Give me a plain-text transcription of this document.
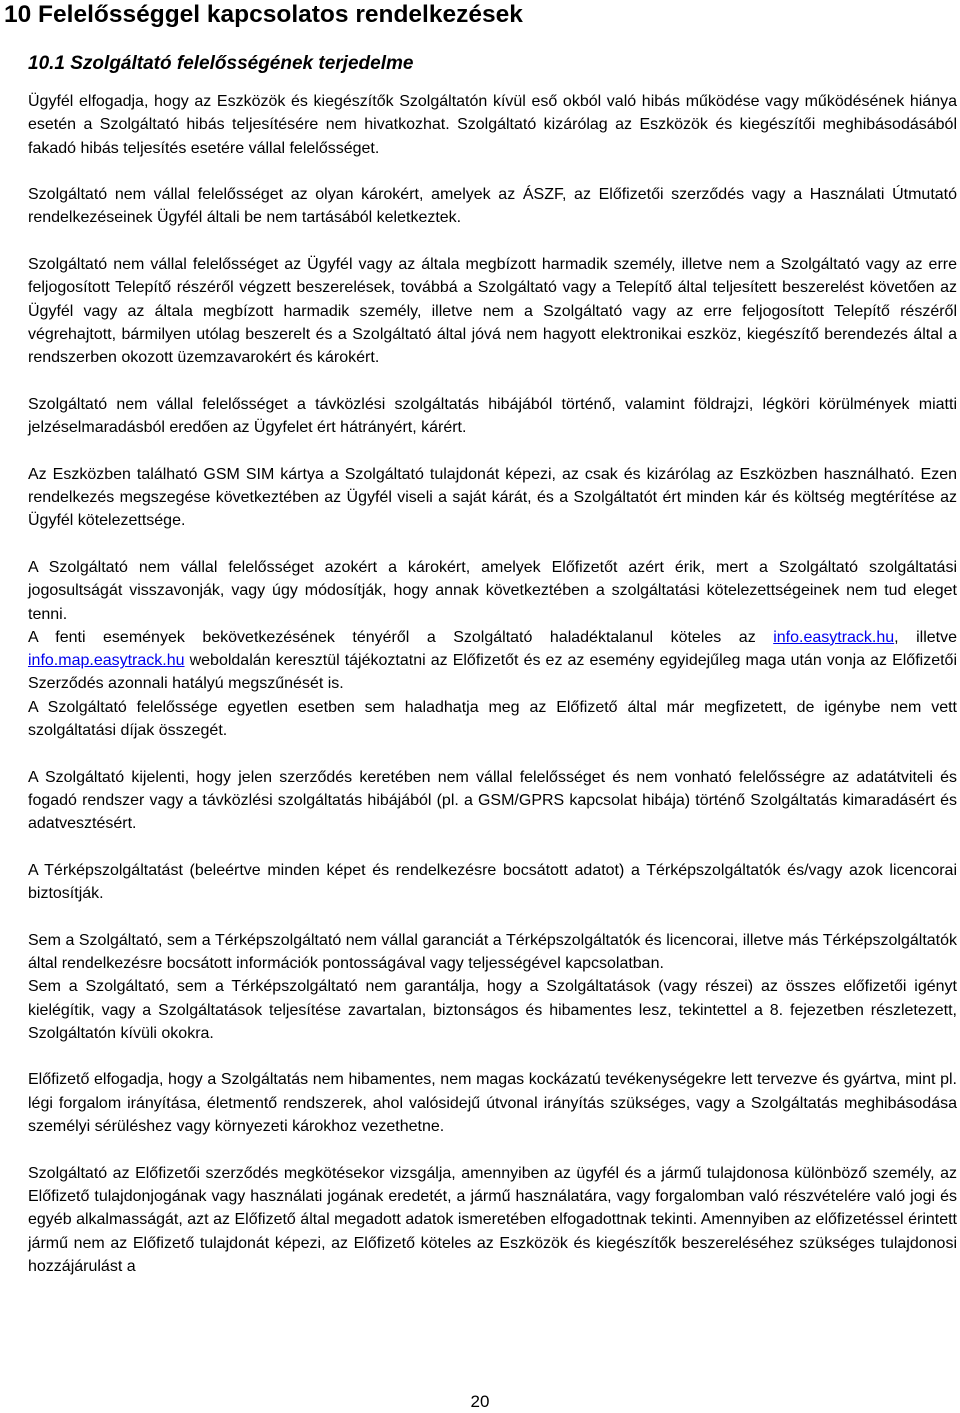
10 Felelősséggel kapcsolatos rendelkezések
10.1 Szolgáltató felelősségének terjedelme

Ügyfél elfogadja, hogy az Eszközök és kiegészítők Szolgáltatón kívül eső okból való hibás működése vagy működésének hiánya esetén a Szolgáltató hibás teljesítésére nem hivatkozhat. Szolgáltató kizárólag az Eszközök és kiegészítői meghibásodásából fakadó hibás teljesítés esetére vállal felelősséget.

Szolgáltató nem vállal felelősséget az olyan károkért, amelyek az ÁSZF, az Előfizetői szerződés vagy a Használati Útmutató rendelkezéseinek Ügyfél általi be nem tartásából keletkeztek.

Szolgáltató nem vállal felelősséget az Ügyfél vagy az általa megbízott harmadik személy, illetve nem a Szolgáltató vagy az erre feljogosított Telepítő részéről végzett beszerelések, továbbá a Szolgáltató vagy a Telepítő által teljesített beszerelést követően az Ügyfél vagy az általa megbízott harmadik személy, illetve nem a Szolgáltató vagy az erre feljogosított Telepítő részéről végrehajtott, bármilyen utólag beszerelt és a Szolgáltató által jóvá nem hagyott elektronikai eszköz, kiegészítő berendezés által a rendszerben okozott üzemzavarokért és károkért.

Szolgáltató nem vállal felelősséget a távközlési szolgáltatás hibájából történő, valamint földrajzi, légköri körülmények miatti jelzéselmaradásból eredően az Ügyfelet ért hátrányért, kárért.

Az Eszközben található GSM SIM kártya a Szolgáltató tulajdonát képezi, az csak és kizárólag az Eszközben használható. Ezen rendelkezés megszegése következtében az Ügyfél viseli a saját kárát, és a Szolgáltatót ért minden kár és költség megtérítése az Ügyfél kötelezettsége.

A Szolgáltató nem vállal felelősséget azokért a károkért, amelyek Előfizetőt azért érik, mert a Szolgáltató szolgáltatási jogosultságát visszavonják, vagy úgy módosítják, hogy annak következtében a szolgáltatási kötelezettségeinek nem tud eleget tenni.

A fenti események bekövetkezésének tényéről a Szolgáltató haladéktalanul köteles az info.easytrack.hu, illetve info.map.easytrack.hu weboldalán keresztül tájékoztatni az Előfizetőt és ez az esemény egyidejűleg maga után vonja az Előfizetői Szerződés azonnali hatályú megszűnését is.

A Szolgáltató felelőssége egyetlen esetben sem haladhatja meg az Előfizető által már megfizetett, de igénybe nem vett szolgáltatási díjak összegét.

A Szolgáltató kijelenti, hogy jelen szerződés keretében nem vállal felelősséget és nem vonható felelősségre az adatátviteli és fogadó rendszer vagy a távközlési szolgáltatás hibájából (pl. a GSM/GPRS kapcsolat hibája) történő Szolgáltatás kimaradásért és adatvesztésért.

A Térképszolgáltatást (beleértve minden képet és rendelkezésre bocsátott adatot) a Térképszolgáltatók és/vagy azok licencorai biztosítják.

Sem a Szolgáltató, sem a Térképszolgáltató nem vállal garanciát a Térképszolgáltatók és licencorai, illetve más Térképszolgáltatók által rendelkezésre bocsátott információk pontosságával vagy teljességével kapcsolatban.

Sem a Szolgáltató, sem a Térképszolgáltató nem garantálja, hogy a Szolgáltatások (vagy részei) az összes előfizetői igényt kielégítik, vagy a Szolgáltatások teljesítése zavartalan, biztonságos és hibamentes lesz, tekintettel a 8. fejezetben részletezett, Szolgáltatón kívüli okokra.

Előfizető elfogadja, hogy a Szolgáltatás nem hibamentes, nem magas kockázatú tevékenységekre lett tervezve és gyártva, mint pl. légi forgalom irányítása, életmentő rendszerek, ahol valósidejű útvonal irányítás szükséges, vagy a Szolgáltatás meghibásodása személyi sérüléshez vagy környezeti károkhoz vezethetne.

Szolgáltató az Előfizetői szerződés megkötésekor vizsgálja, amennyiben az ügyfél és a jármű tulajdonosa különböző személy, az Előfizető tulajdonjogának vagy használati jogának eredetét, a jármű használatára, vagy forgalomban való részvételére való jogi és egyéb alkalmasságát, azt az Előfizető által megadott adatok ismeretében elfogadottnak tekinti. Amennyiben az előfizetéssel érintett jármű nem az Előfizető tulajdonát képezi, az Előfizető köteles az Eszközök és kiegészítők beszereléséhez szükséges tulajdonosi hozzájárulást a

20
